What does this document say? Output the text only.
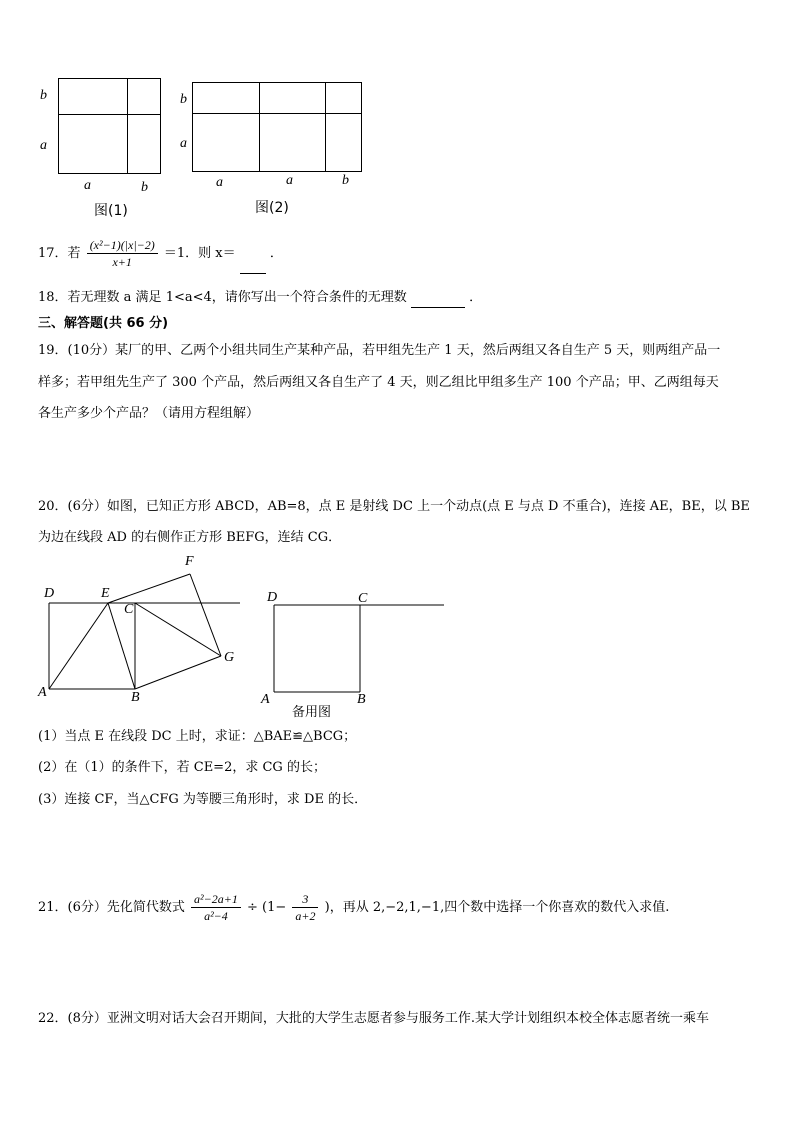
b
a
a	b
图(1)
b
a
a	a	b
图(2)
17．若 $\frac{\text{(x²−1)(|x|−2)}}{x+1} =1$．则 x＝	．
18．若无理数 a 满足 1<a<4，请你写出一个符合条件的无理数	．
三、解答题(共 66 分)
19．(10分）某厂的甲、乙两个小组共同生产某种产品，若甲组先生产 1 天，然后两组又各自生产 5 天，则两组产品一
样多；若甲组先生产了 300 个产品，然后两组又各自生产了 4 天，则乙组比甲组多生产 100 个产品；甲、乙两组每天
各生产多少个产品？（请用方程组解）
20．(6分）如图，已知正方形 ABCD，AB=8，点 E 是射线 DC 上一个动点(点 E 与点 D 不重合)，连接 AE，BE，以 BE
为边在线段 AD 的右侧作正方形 BEFG，连结 CG．
D	E
C
F
G
A	B
D	C
A	B
备用图
(1）当点 E 在线段 DC 上时，求证：△BAE≌△BCG；
(2）在（1）的条件下，若 CE=2，求 CG 的长；
(3）连接 CF，当△CFG 为等腰三角形时，求 DE 的长．
21．(6分）先化简代数式 $\frac{\text{a²−2a+1}}{\text{a²−4}} \div (1- \frac{3}{a+2}$ )，再从 2,−2,1,−1,四个数中选择一个你喜欢的数代入求值.
22．(8分）亚洲文明对话大会召开期间，大批的大学生志愿者参与服务工作.某大学计划组织本校全体志愿者统一乘车
